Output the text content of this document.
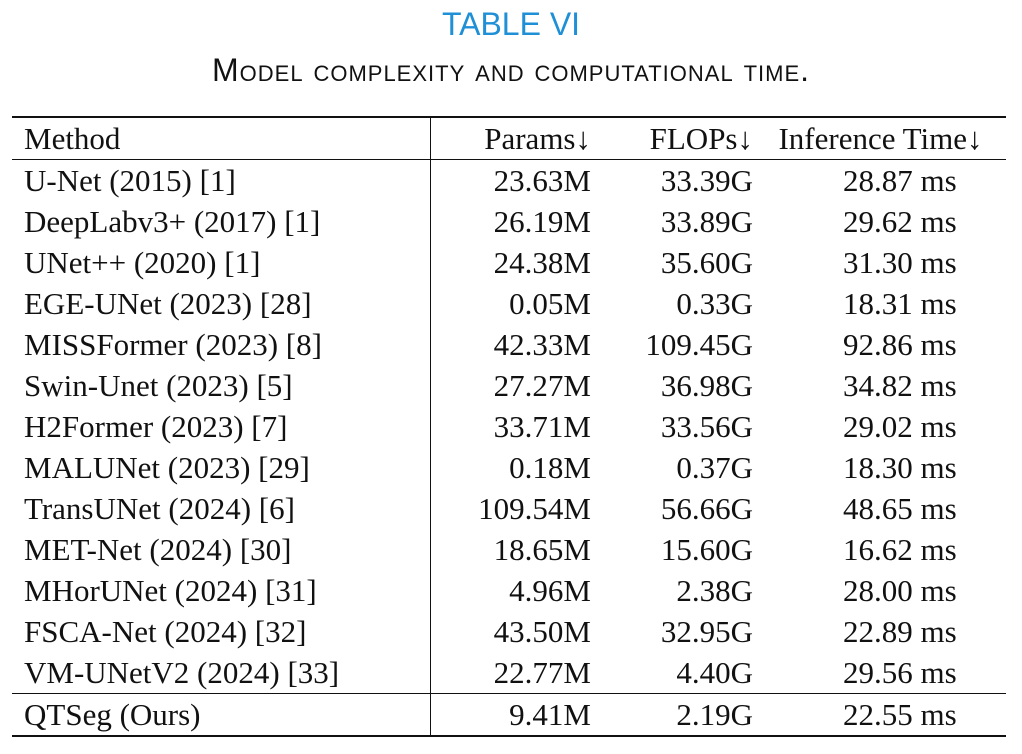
TABLE VI
Model complexity and computational time.
Method	Params↓	FLOPs↓	Inference Time↓
U-Net (2015) [1]	23.63M	33.39G	28.87 ms
DeepLabv3+ (2017) [1]	26.19M	33.89G	29.62 ms
UNet++ (2020) [1]	24.38M	35.60G	31.30 ms
EGE-UNet (2023) [28]	0.05M	0.33G	18.31 ms
MISSFormer (2023) [8]	42.33M	109.45G	92.86 ms
Swin-Unet (2023) [5]	27.27M	36.98G	34.82 ms
H2Former (2023) [7]	33.71M	33.56G	29.02 ms
MALUNet (2023) [29]	0.18M	0.37G	18.30 ms
TransUNet (2024) [6]	109.54M	56.66G	48.65 ms
MET-Net (2024) [30]	18.65M	15.60G	16.62 ms
MHorUNet (2024) [31]	4.96M	2.38G	28.00 ms
FSCA-Net (2024) [32]	43.50M	32.95G	22.89 ms
VM-UNetV2 (2024) [33]	22.77M	4.40G	29.56 ms
QTSeg (Ours)	9.41M	2.19G	22.55 ms
